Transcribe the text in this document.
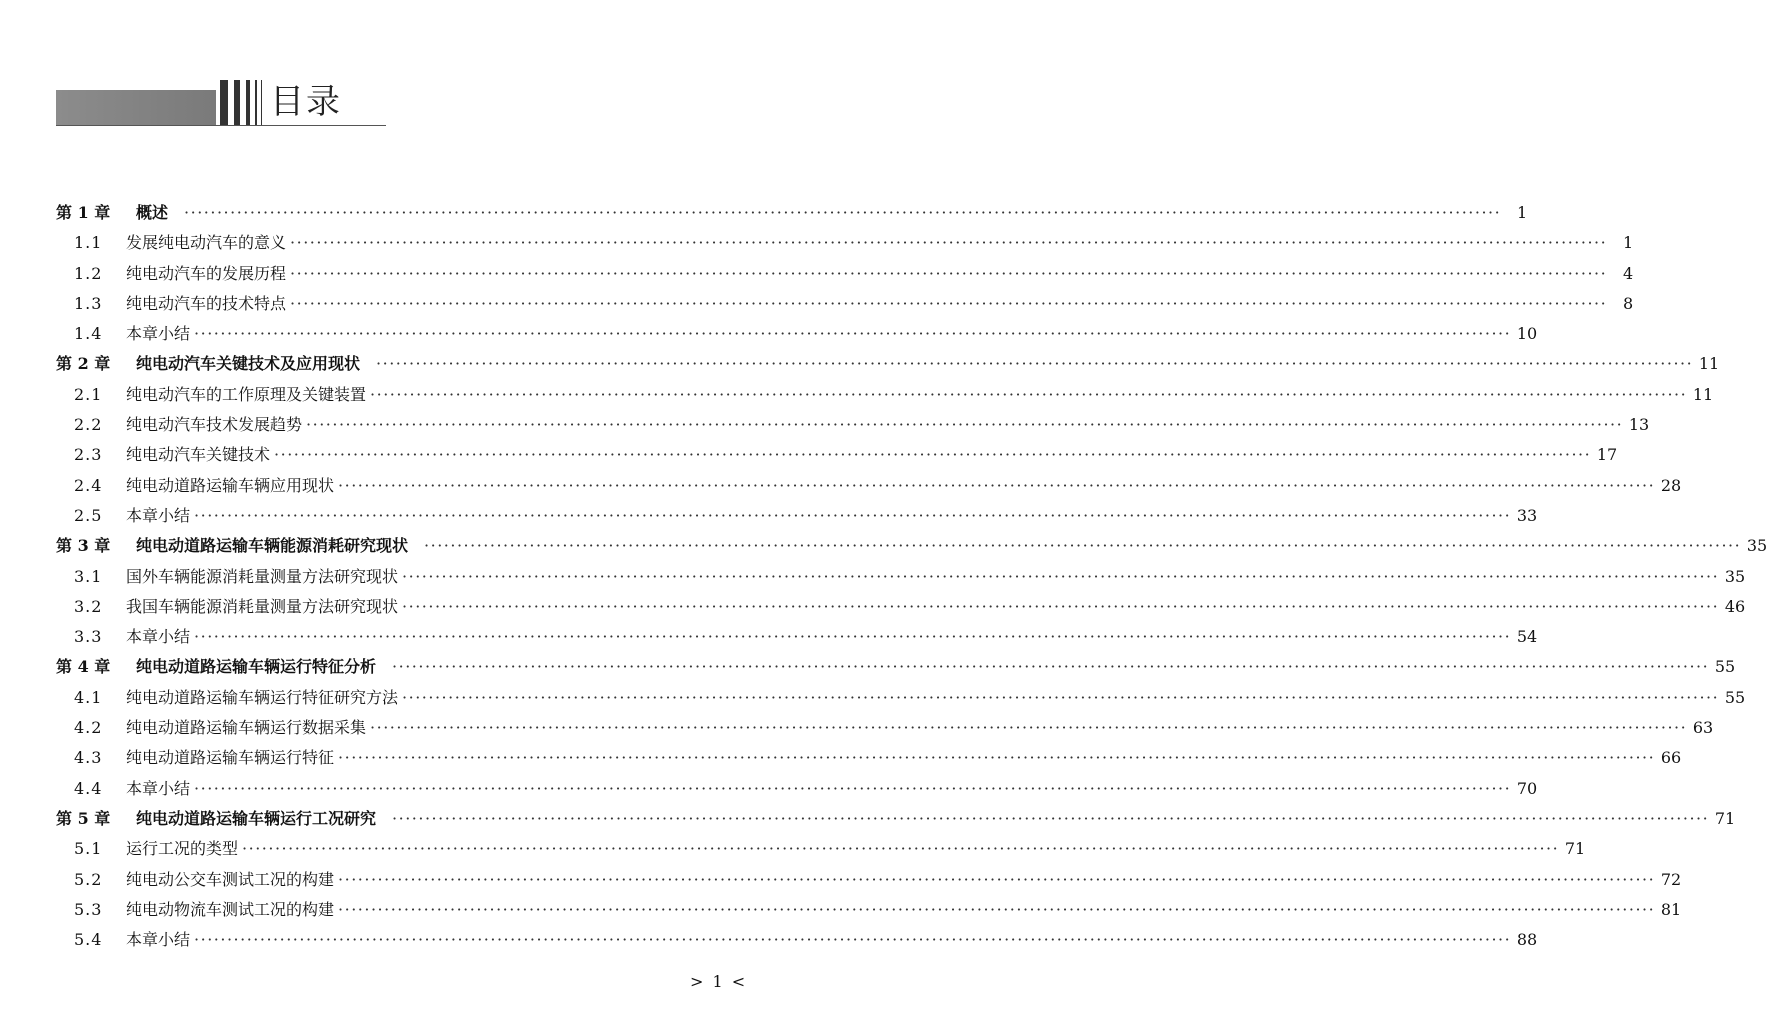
目录
第 1 章	概述	········································································································································································································ 1
1.1	发展纯电动汽车的意义 ········································································································································································································ 1
1.2	纯电动汽车的发展历程 ········································································································································································································ 4
1.3	纯电动汽车的技术特点 ········································································································································································································ 8
1.4	本章小结 ········································································································································································································ 10
第 2 章	纯电动汽车关键技术及应用现状	········································································································································································································ 11
2.1	纯电动汽车的工作原理及关键装置 ········································································································································································································ 11
2.2	纯电动汽车技术发展趋势 ········································································································································································································ 13
2.3	纯电动汽车关键技术 ········································································································································································································ 17
2.4	纯电动道路运输车辆应用现状 ········································································································································································································ 28
2.5	本章小结 ········································································································································································································ 33
第 3 章	纯电动道路运输车辆能源消耗研究现状	········································································································································································································ 35
3.1	国外车辆能源消耗量测量方法研究现状 ········································································································································································································ 35
3.2	我国车辆能源消耗量测量方法研究现状 ········································································································································································································ 46
3.3	本章小结 ········································································································································································································ 54
第 4 章	纯电动道路运输车辆运行特征分析	········································································································································································································ 55
4.1	纯电动道路运输车辆运行特征研究方法 ········································································································································································································ 55
4.2	纯电动道路运输车辆运行数据采集 ········································································································································································································ 63
4.3	纯电动道路运输车辆运行特征 ········································································································································································································ 66
4.4	本章小结 ········································································································································································································ 70
第 5 章	纯电动道路运输车辆运行工况研究	········································································································································································································ 71
5.1	运行工况的类型 ········································································································································································································ 71
5.2	纯电动公交车测试工况的构建 ········································································································································································································ 72
5.3	纯电动物流车测试工况的构建 ········································································································································································································ 81
5.4	本章小结 ········································································································································································································ 88
> 1 <
